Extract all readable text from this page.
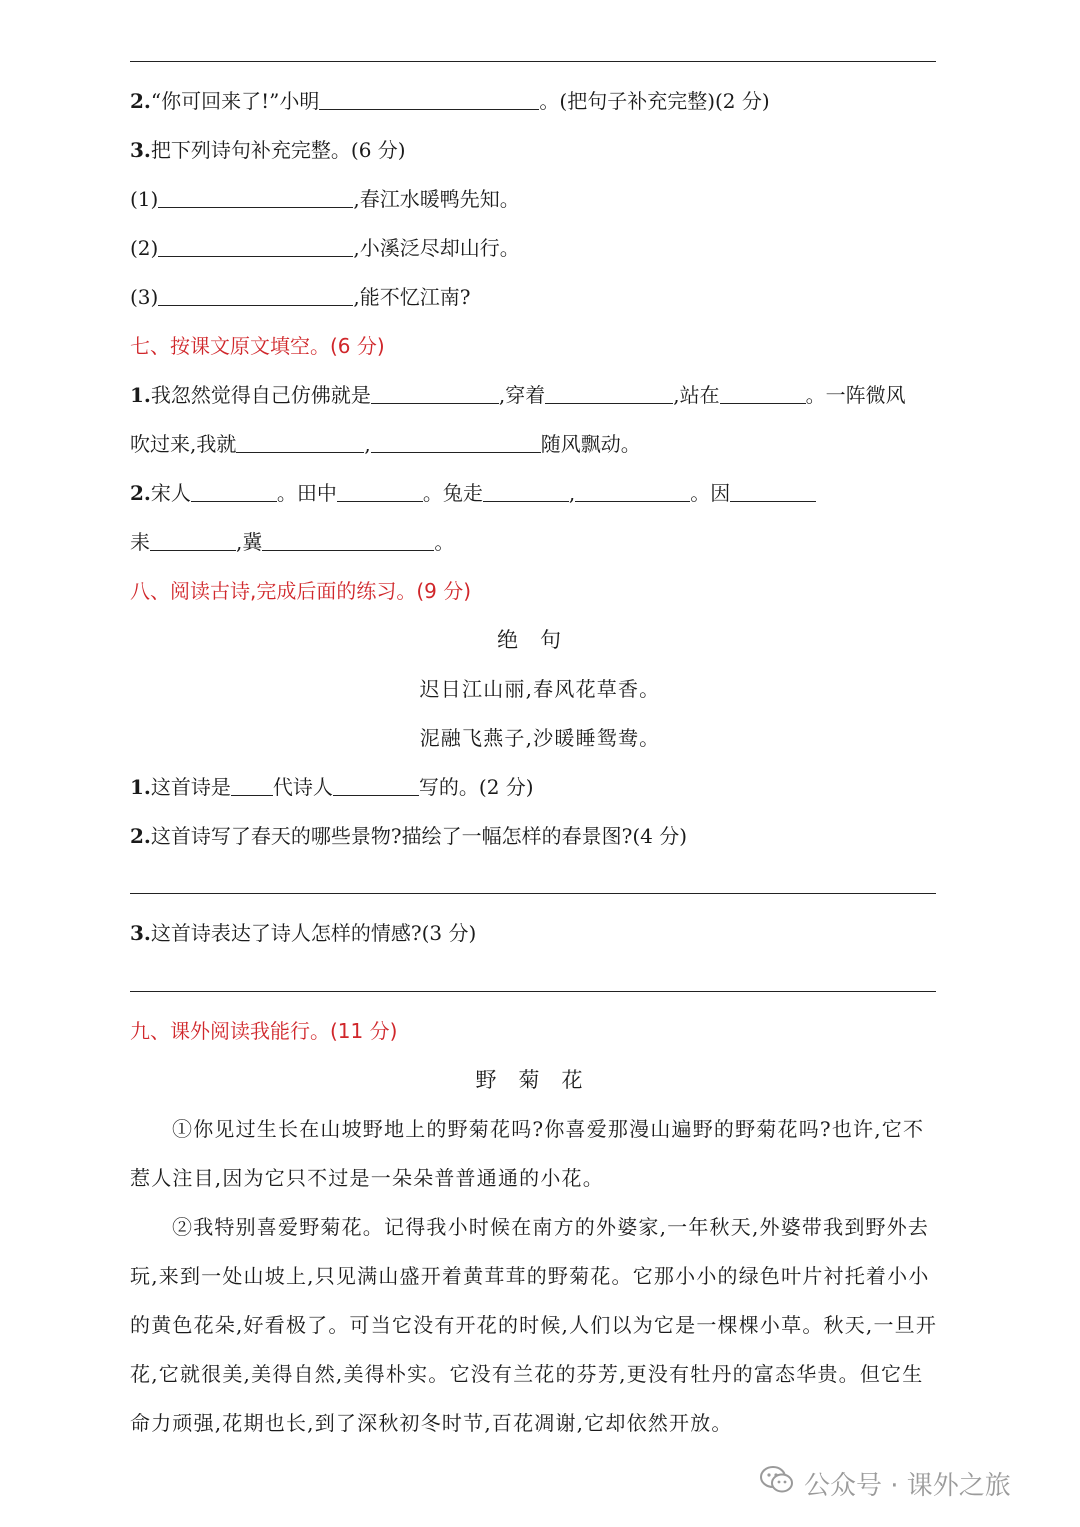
2.“你可回来了!”小明	。(把句子补充完整)(2 分)
3.把下列诗句补充完整。(6 分)
(1)	,春江水暖鸭先知。
(2)	,小溪泛尽却山行。
(3)	,能不忆江南?
七、按课文原文填空。(6 分)
1.我忽然觉得自己仿佛就是	,穿着	,站在	。一阵微风
吹过来,我就	,	随风飘动。
2.宋人	。田中	。兔走	,	。因
耒	,冀	。
八、阅读古诗,完成后面的练习。(9 分)
绝句
迟日江山丽,春风花草香。
泥融飞燕子,沙暖睡鸳鸯。
1.这首诗是 代诗人	写的。(2 分)
2.这首诗写了春天的哪些景物?描绘了一幅怎样的春景图?(4 分)
3.这首诗表达了诗人怎样的情感?(3 分)
九、课外阅读我能行。(11 分)
野菊花
①你见过生长在山坡野地上的野菊花吗?你喜爱那漫山遍野的野菊花吗?也许,它不
惹人注目,因为它只不过是一朵朵普普通通的小花。
②我特别喜爱野菊花。记得我小时候在南方的外婆家,一年秋天,外婆带我到野外去
玩,来到一处山坡上,只见满山盛开着黄茸茸的野菊花。它那小小的绿色叶片衬托着小小
的黄色花朵,好看极了。可当它没有开花的时候,人们以为它是一棵棵小草。秋天,一旦开
花,它就很美,美得自然,美得朴实。它没有兰花的芬芳,更没有牡丹的富态华贵。但它生
命力顽强,花期也长,到了深秋初冬时节,百花凋谢,它却依然开放。
公众号 · 课外之旅
